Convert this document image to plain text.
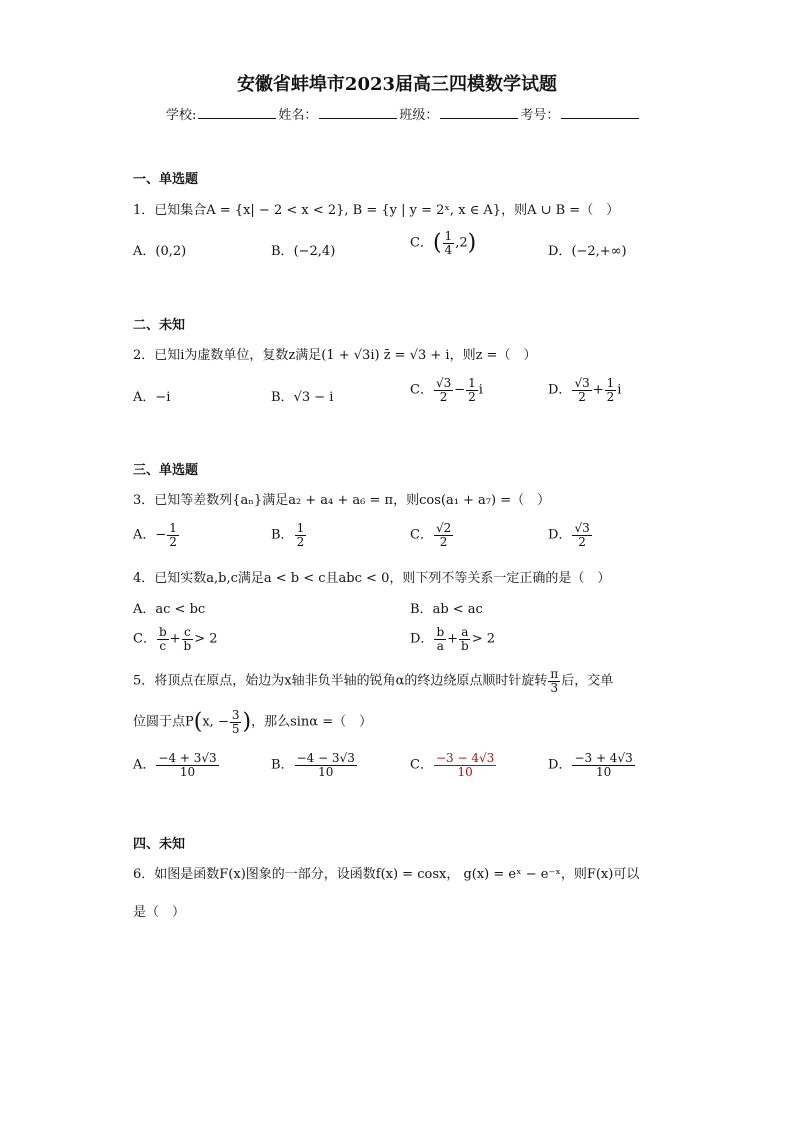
安徽省蚌埠市2023届高三四模数学试题
学校:	姓名：	班级：	考号：
一、单选题
1．已知集合A = {x| − 2 < x < 2}, B = {y | y = 2ˣ, x ∈ A}，则A ∪ B =（　）
A．(0,2)	B．(−2,4)
C．( $\frac{1}{4} ,2$)	D．(−2,+∞)
二、未知
2．已知i为虚数单位，复数z满足(1 + √3i) z̄ = √3 + i，则z =（　）
A．−i	B．√3 − i	C． $\frac{√3}{2} - \frac{1}{2}$ i	D． $\frac{√3}{2} + \frac{1}{2}$ i
三、单选题
3．已知等差数列{aₙ}满足a₂ + a₄ + a₆ = π，则cos(a₁ + a₇) =（　）
A．− $\frac{1}{2}$	B． $\frac{1}{2}$	C． $\frac{√2}{2}$	D． $\frac{√3}{2}$
4．已知实数a,b,c满足a < b < c且abc < 0，则下列不等关系一定正确的是（　）
A．ac < bc	B．ab < ac
C． $\frac{b}{c} + \frac{c}{b} > 2$	D． $\frac{b}{a} + \frac{a}{b} > 2$
5．将顶点在原点，始边为x轴非负半轴的锐角α的终边绕原点顺时针旋转 $\frac{\pi}{3}$ 后，交单
位圆于点P(x, − $\frac{3}{5}$ )，那么sinα =（　）
A． $\frac{-4 + 3√3}{10}$	B． $\frac{-4 - 3√3}{10}$	C． $\frac{-3 - 4√3}{10}$	D． $\frac{-3 + 4√3}{10}$
四、未知
6．如图是函数F(x)图象的一部分，设函数f(x) = cosx， g(x) = eˣ − e⁻ˣ，则F(x)可以
是（　）
